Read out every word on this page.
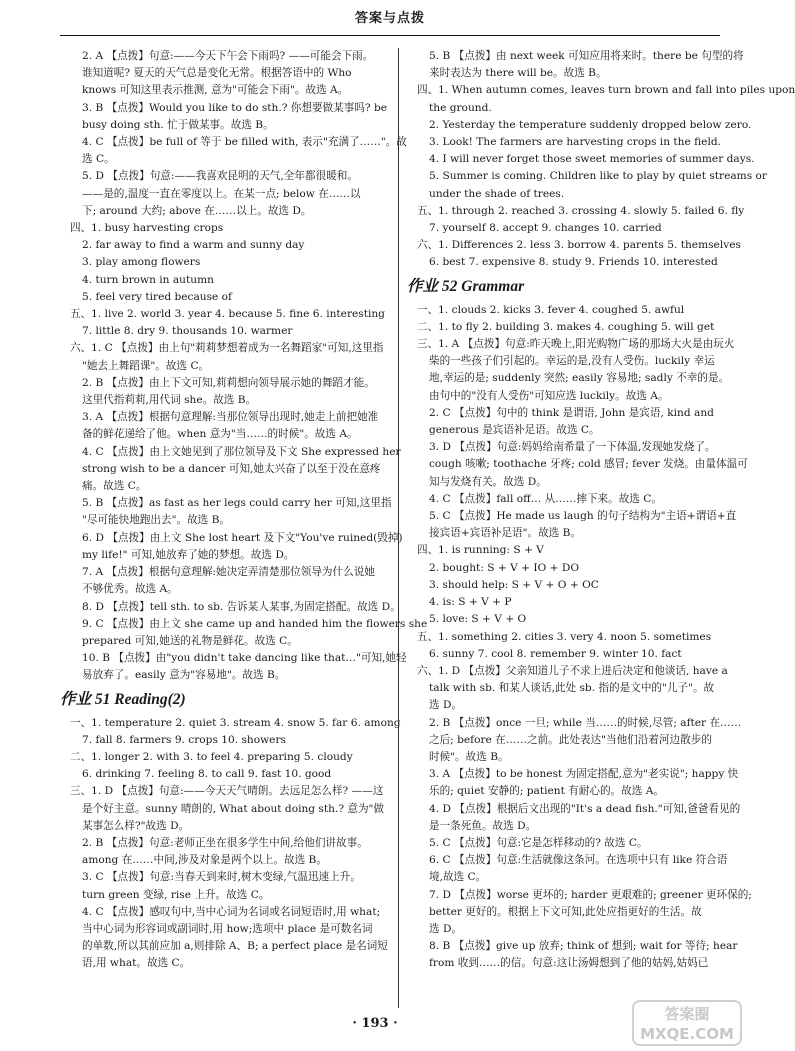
答案与点拨
2. A 【点拨】句意:——今天下午会下雨吗? ——可能会下雨。
谁知道呢? 夏天的天气总是变化无常。根据答语中的 Who
knows 可知这里表示推测, 意为"可能会下雨"。故选 A。
3. B 【点拨】Would you like to do sth.? 你想要做某事吗? be
busy doing sth. 忙于做某事。故选 B。
4. C 【点拨】be full of 等于 be filled with, 表示"充满了……"。故
选 C。
5. D 【点拨】句意:——我喜欢昆明的天气,全年都很暖和。
——是的,温度一直在零度以上。在某一点; below 在……以
下; around 大约; above 在……以上。故选 D。
四、1. busy harvesting crops
2. far away to find a warm and sunny day
3. play among flowers
4. turn brown in autumn
5. feel very tired because of
五、1. live 2. world 3. year 4. because 5. fine 6. interesting
7. little 8. dry 9. thousands 10. warmer
六、1. C 【点拨】由上句"莉莉梦想着成为一名舞蹈家"可知,这里指
"她去上舞蹈课"。故选 C。
2. B 【点拨】由上下文可知,莉莉想向领导展示她的舞蹈才能。
这里代指莉莉,用代词 she。故选 B。
3. A 【点拨】根据句意理解:当那位领导出现时,她走上前把她准
备的鲜花递给了他。when 意为"当……的时候"。故选 A。
4. C 【点拨】由上文她见到了那位领导及下文 She expressed her
strong wish to be a dancer 可知,她太兴奋了以至于没在意疼
痛。故选 C。
5. B 【点拨】as fast as her legs could carry her 可知,这里指
"尽可能快地跑出去"。故选 B。
6. D 【点拨】由上文 She lost heart 及下文"You've ruined(毁掉)
my life!" 可知,她放弃了她的梦想。故选 D。
7. A 【点拨】根据句意理解:她决定弄清楚那位领导为什么说她
不够优秀。故选 A。
8. D 【点拨】tell sth. to sb. 告诉某人某事,为固定搭配。故选 D。
9. C 【点拨】由上文 she came up and handed him the flowers she
prepared 可知,她送的礼物是鲜花。故选 C。
10. B 【点拨】由"you didn't take dancing like that…"可知,她轻
易放弃了。easily 意为"容易地"。故选 B。
作业 51 Reading(2)
一、1. temperature 2. quiet 3. stream 4. snow 5. far 6. among
7. fall 8. farmers 9. crops 10. showers
二、1. longer 2. with 3. to feel 4. preparing 5. cloudy
6. drinking 7. feeling 8. to call 9. fast 10. good
三、1. D 【点拨】句意:——今天天气晴朗。去远足怎么样? ——这
是个好主意。sunny 晴朗的, What about doing sth.? 意为"做
某事怎么样?"故选 D。
2. B 【点拨】句意:老师正坐在很多学生中间,给他们讲故事。
among 在……中间,涉及对象是两个以上。故选 B。
3. C 【点拨】句意:当春天到来时,树木变绿,气温迅速上升。
turn green 变绿, rise 上升。故选 C。
4. C 【点拨】感叹句中,当中心词为名词或名词短语时,用 what;
当中心词为形容词或副词时,用 how;选项中 place 是可数名词
的单数,所以其前应加 a,则排除 A、B; a perfect place 是名词短
语,用 what。故选 C。
5. B 【点拨】由 next week 可知应用将来时。there be 句型的将
来时表达为 there will be。故选 B。
四、1. When autumn comes, leaves turn brown and fall into piles upon
the ground.
2. Yesterday the temperature suddenly dropped below zero.
3. Look! The farmers are harvesting crops in the field.
4. I will never forget those sweet memories of summer days.
5. Summer is coming. Children like to play by quiet streams or
under the shade of trees.
五、1. through 2. reached 3. crossing 4. slowly 5. failed 6. fly
7. yourself 8. accept 9. changes 10. carried
六、1. Differences 2. less 3. borrow 4. parents 5. themselves
6. best 7. expensive 8. study 9. Friends 10. interested
作业 52 Grammar
一、1. clouds 2. kicks 3. fever 4. coughed 5. awful
二、1. to fly 2. building 3. makes 4. coughing 5. will get
三、1. A 【点拨】句意:昨天晚上,阳光购物广场的那场大火是由玩火
柴的一些孩子们引起的。幸运的是,没有人受伤。luckily 幸运
地,幸运的是; suddenly 突然; easily 容易地; sadly 不幸的是。
由句中的"没有人受伤"可知应选 luckily。故选 A。
2. C 【点拨】句中的 think 是谓语, John 是宾语, kind and
generous 是宾语补足语。故选 C。
3. D 【点拨】句意:妈妈给南希量了一下体温,发现她发烧了。
cough 咳嗽; toothache 牙疼; cold 感冒; fever 发烧。由量体温可
知与发烧有关。故选 D。
4. C 【点拨】fall off… 从……摔下来。故选 C。
5. C 【点拨】He made us laugh 的句子结构为"主语+谓语+直
接宾语+宾语补足语"。故选 B。
四、1. is running: S + V
2. bought: S + V + IO + DO
3. should help: S + V + O + OC
4. is: S + V + P
5. love: S + V + O
五、1. something 2. cities 3. very 4. noon 5. sometimes
6. sunny 7. cool 8. remember 9. winter 10. fact
六、1. D 【点拨】父亲知道儿子不求上进后决定和他谈话, have a
talk with sb. 和某人谈话,此处 sb. 指的是文中的"儿子"。故
选 D。
2. B 【点拨】once 一旦; while 当……的时候,尽管; after 在……
之后; before 在……之前。此处表达"当他们沿着河边散步的
时候"。故选 B。
3. A 【点拨】to be honest 为固定搭配,意为"老实说"; happy 快
乐的; quiet 安静的; patient 有耐心的。故选 A。
4. D 【点拨】根据后文出现的"It's a dead fish."可知,爸爸看见的
是一条死鱼。故选 D。
5. C 【点拨】句意:它是怎样移动的? 故选 C。
6. C 【点拨】句意:生活就像这条河。在选项中只有 like 符合语
境,故选 C。
7. D 【点拨】worse 更坏的; harder 更艰难的; greener 更环保的;
better 更好的。根据上下文可知,此处应指更好的生活。故
选 D。
8. B 【点拨】give up 放弃; think of 想到; wait for 等待; hear
from 收到……的信。句意:这让汤姆想到了他的姑妈,姑妈已
· 193 ·
答案圈
MXQE.COM
